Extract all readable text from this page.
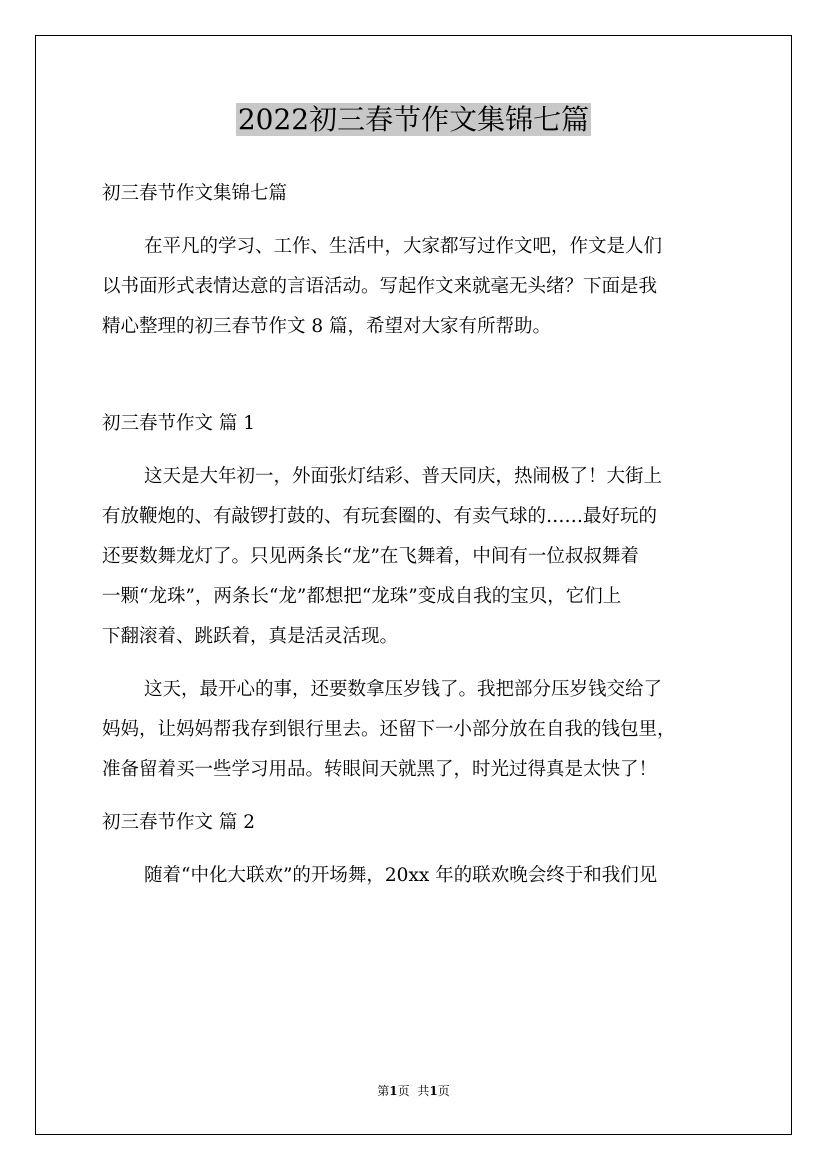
2022初三春节作文集锦七篇
初三春节作文集锦七篇
在平凡的学习、工作、生活中，大家都写过作文吧，作文是人们
以书面形式表情达意的言语活动。写起作文来就毫无头绪？下面是我
精心整理的初三春节作文 8 篇，希望对大家有所帮助。
初三春节作文 篇 1
这天是大年初一，外面张灯结彩、普天同庆，热闹极了！大街上
有放鞭炮的、有敲锣打鼓的、有玩套圈的、有卖气球的……最好玩的
还要数舞龙灯了。只见两条长“龙”在飞舞着，中间有一位叔叔舞着
一颗“龙珠”，两条长“龙”都想把“龙珠”变成自我的宝贝，它们上
下翻滚着、跳跃着，真是活灵活现。
这天，最开心的事，还要数拿压岁钱了。我把部分压岁钱交给了
妈妈，让妈妈帮我存到银行里去。还留下一小部分放在自我的钱包里，
准备留着买一些学习用品。转眼间天就黑了，时光过得真是太快了！
初三春节作文 篇 2
随着“中化大联欢”的开场舞，20xx 年的联欢晚会终于和我们见
第1页 共1页
